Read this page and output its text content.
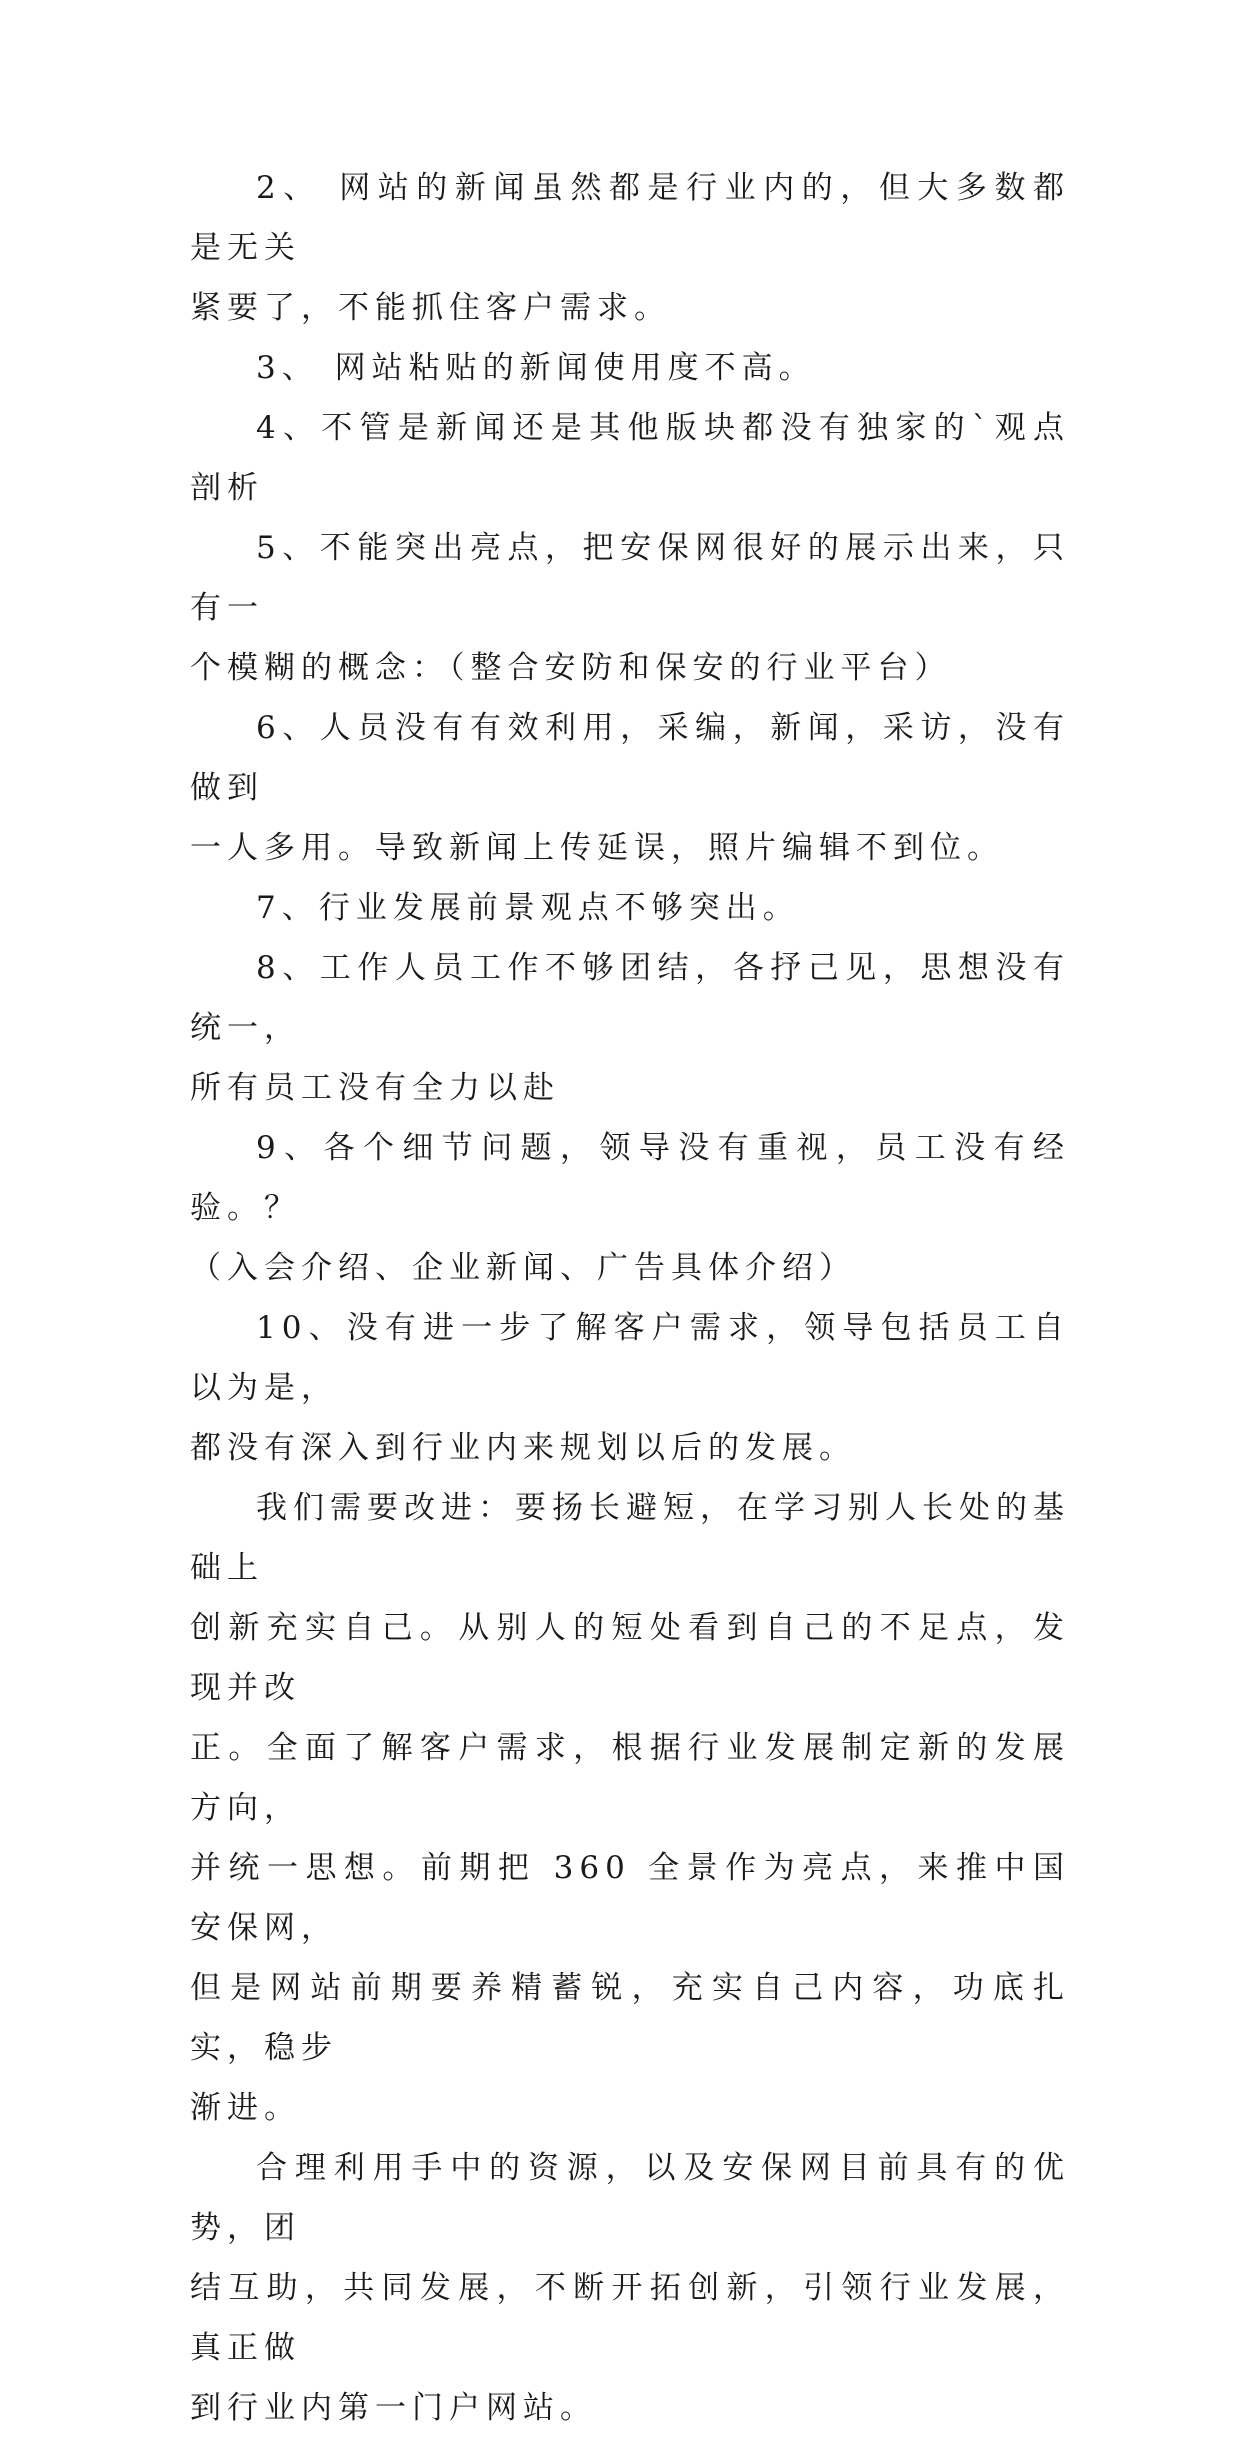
2、 网站的新闻虽然都是行业内的，但大多数都是无关
紧要了，不能抓住客户需求。
3、 网站粘贴的新闻使用度不高。
4、不管是新闻还是其他版块都没有独家的`观点剖析
5、不能突出亮点，把安保网很好的展示出来，只有一
个模糊的概念：（整合安防和保安的行业平台）
6、人员没有有效利用，采编，新闻，采访，没有做到
一人多用。导致新闻上传延误，照片编辑不到位。
7、行业发展前景观点不够突出。
8、工作人员工作不够团结，各抒己见，思想没有统一，
所有员工没有全力以赴
9、各个细节问题，领导没有重视，员工没有经验。？
（入会介绍、企业新闻、广告具体介绍）
10、没有进一步了解客户需求，领导包括员工自以为是，
都没有深入到行业内来规划以后的发展。
我们需要改进：要扬长避短，在学习别人长处的基础上
创新充实自己。从别人的短处看到自己的不足点，发现并改
正。全面了解客户需求，根据行业发展制定新的发展方向，
并统一思想。前期把 360 全景作为亮点，来推中国安保网，
但是网站前期要养精蓄锐，充实自己内容，功底扎实，稳步
渐进。
合理利用手中的资源，以及安保网目前具有的优势，团
结互助，共同发展，不断开拓创新，引领行业发展，真正做
到行业内第一门户网站。
